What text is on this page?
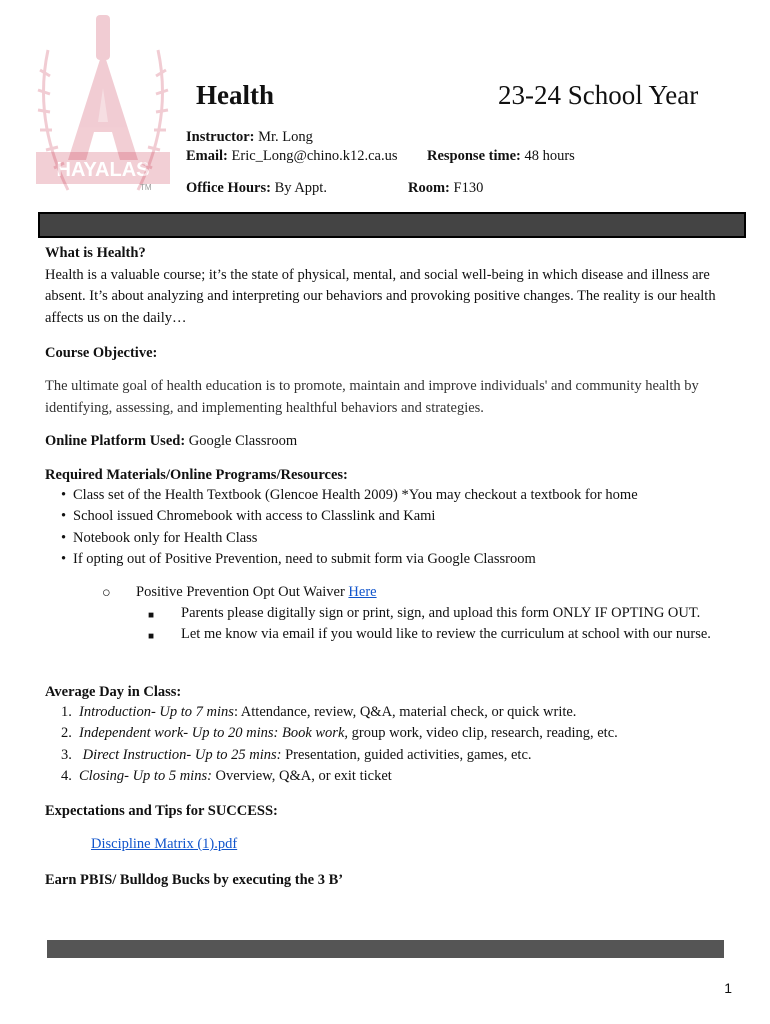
HAYALAS
TM
Health	23-24 School Year
Instructor: Mr. Long
Email: Eric_Long@chino.k12.ca.us Response time: 48 hours
Office Hours: By Appt.	Room: F130
What is Health?
Health is a valuable course; it’s the state of physical, mental, and social well-being in which disease and illness are absent. It’s about analyzing and interpreting our behaviors and provoking positive changes. The reality is our health affects us on the daily…
Course Objective:
The ultimate goal of health education is to promote, maintain and improve individuals' and community health by identifying, assessing, and implementing healthful behaviors and strategies.
Online Platform Used: Google Classroom
Required Materials/Online Programs/Resources:
• Class set of the Health Textbook (Glencoe Health 2009) *You may checkout a textbook for home
• School issued Chromebook with access to Classlink and Kami
• Notebook only for Health Class
• If opting out of Positive Prevention, need to submit form via Google Classroom
○ Positive Prevention Opt Out Waiver Here
■ Parents please digitally sign or print, sign, and upload this form ONLY IF OPTING OUT.
■ Let me know via email if you would like to review the curriculum at school with our nurse.
Average Day in Class:
1. Introduction- Up to 7 mins: Attendance, review, Q&A, material check, or quick write.
2. Independent work- Up to 20 mins: Book work, group work, video clip, research, reading, etc.
3. Direct Instruction- Up to 25 mins: Presentation, guided activities, games, etc.
4. Closing- Up to 5 mins: Overview, Q&A, or exit ticket
Expectations and Tips for SUCCESS:
Discipline Matrix (1).pdf
Earn PBIS/ Bulldog Bucks by executing the 3 B’
1
